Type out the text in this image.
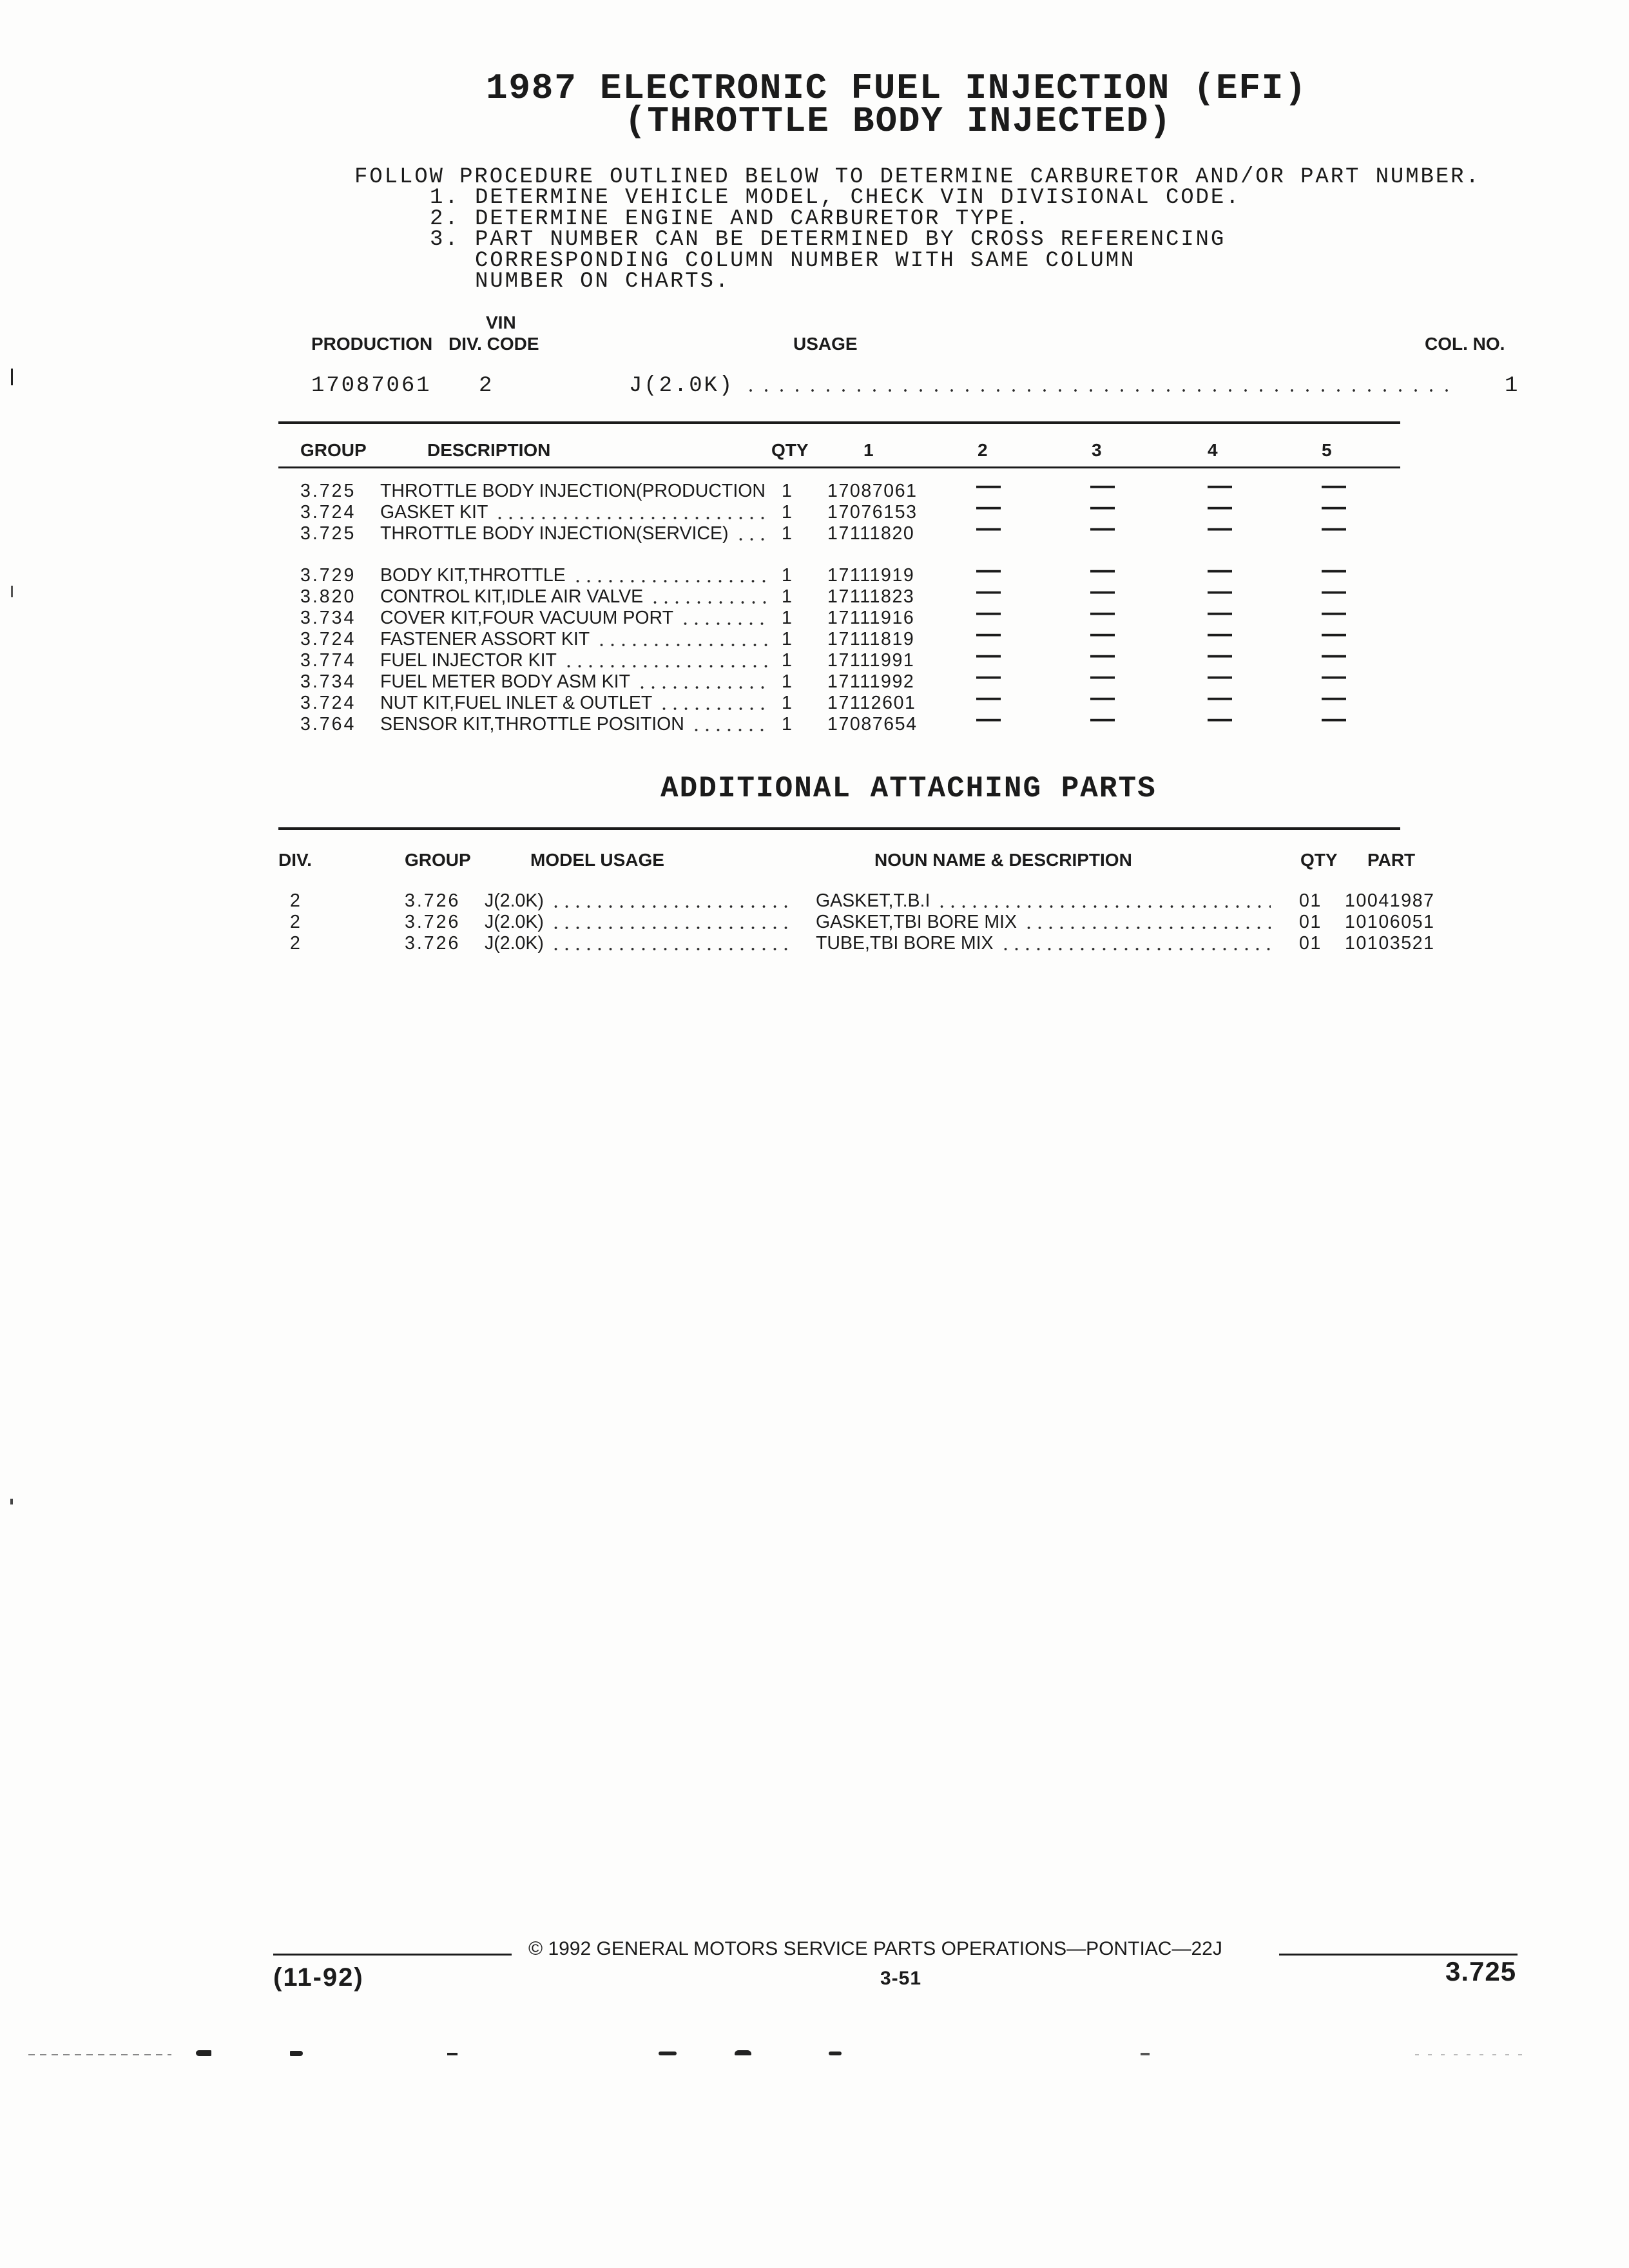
1987 ELECTRONIC FUEL INJECTION (EFI)
(THROTTLE BODY INJECTED)
FOLLOW PROCEDURE OUTLINED BELOW TO DETERMINE CARBURETOR AND/OR PART NUMBER.
1. DETERMINE VEHICLE MODEL, CHECK VIN DIVISIONAL CODE.
2. DETERMINE ENGINE AND CARBURETOR TYPE.
3. PART NUMBER CAN BE DETERMINED BY CROSS REFERENCING
CORRESPONDING COLUMN NUMBER WITH SAME COLUMN
NUMBER ON CHARTS.
VIN
PRODUCTION DIV. CODE	USAGE	COL. NO.
17087061 2	J(2.0K)	1
GROUP	DESCRIPTION	QTY	1	2	3	4	5
3.725 THROTTLE BODY INJECTION(PRODUCTION 1 17087061 —	—	—	—
3.724 GASKET KIT	1 17076153 —	—	—	—
3.725 THROTTLE BODY INJECTION(SERVICE)	1 17111820	—	—	—	—
3.729 BODY KIT,THROTTLE	1 17111919	—	—	—	—
3.820 CONTROL KIT,IDLE AIR VALVE	1 17111823	—	—	—	—
3.734 COVER KIT,FOUR VACUUM PORT	1 17111916	—	—	—	—
3.724 FASTENER ASSORT KIT	1 17111819	—	—	—	—
3.774 FUEL INJECTOR KIT	1 17111991	—	—	—	—
3.734 FUEL METER BODY ASM KIT	1 17111992	—	—	—	—
3.724 NUT KIT,FUEL INLET & OUTLET	1 17112601 —	—	—	—
3.764 SENSOR KIT,THROTTLE POSITION	1 17087654 —	—	—	—
ADDITIONAL ATTACHING PARTS
DIV.	GROUP	MODEL USAGE	NOUN NAME & DESCRIPTION	QTY PART
2	3.726 J(2.0K)	GASKET,T.B.I	01 10041987
2	3.726 J(2.0K)	GASKET,TBI BORE MIX	01 10106051
2	3.726 J(2.0K)	TUBE,TBI BORE MIX	01 10103521
© 1992 GENERAL MOTORS SERVICE PARTS OPERATIONS—PONTIAC—22J
(11-92)	3-51	3.725
